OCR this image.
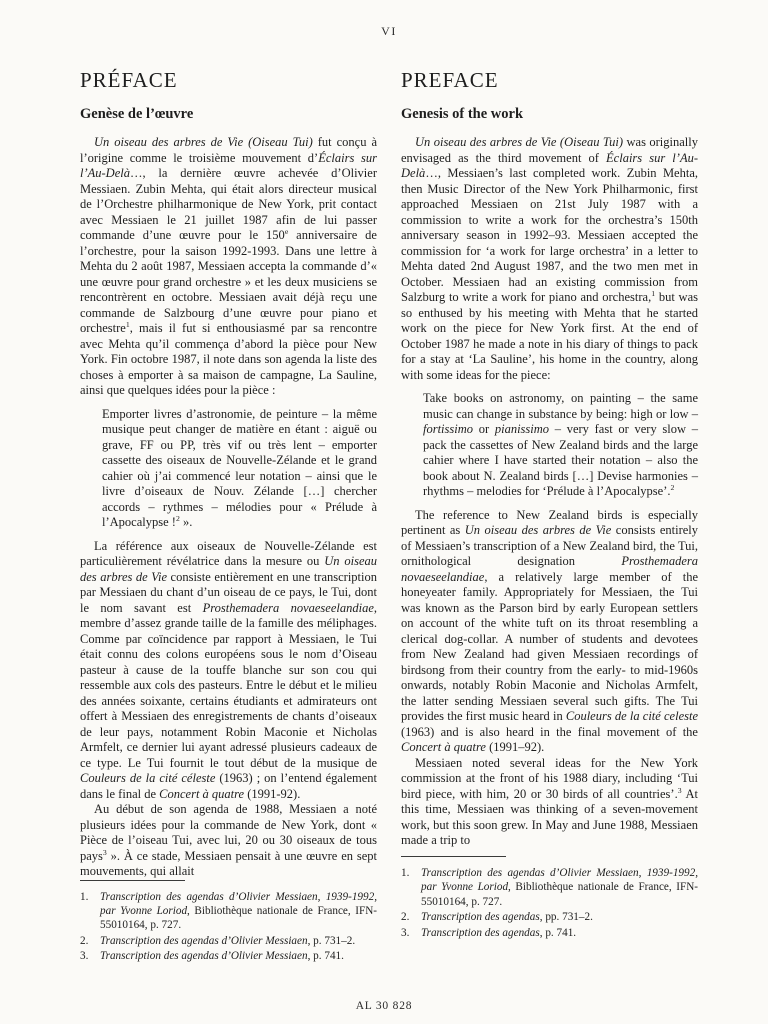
VI
PRÉFACE
Genèse de l’œuvre

Un oiseau des arbres de Vie (Oiseau Tui) fut conçu à l’origine comme le troisième mouvement d’Éclairs sur l’Au-Delà…, la dernière œuvre achevée d’Olivier Messiaen. Zubin Mehta, qui était alors directeur musical de l’Orchestre philharmonique de New York, prit contact avec Messiaen le 21 juillet 1987 afin de lui passer commande d’une œuvre pour le 150e anniversaire de l’orchestre, pour la saison 1992-1993. Dans une lettre à Mehta du 2 août 1987, Messiaen accepta la commande d’« une œuvre pour grand orchestre » et les deux musiciens se rencontrèrent en octobre. Messiaen avait déjà reçu une commande de Salzbourg d’une œuvre pour piano et orchestre$^1$, mais il fut si enthousiasmé par sa rencontre avec Mehta qu’il commença d’abord la pièce pour New York. Fin octobre 1987, il note dans son agenda la liste des choses à emporter à sa maison de campagne, La Sauline, ainsi que quelques idées pour la pièce :

Emporter livres d’astronomie, de peinture – la même musique peut changer de matière en étant : aiguë ou grave, FF ou PP, très vif ou très lent – emporter cassette des oiseaux de Nouvelle-Zélande et le grand cahier où j’ai commencé leur notation – ainsi que le livre d’oiseaux de Nouv. Zélande […] chercher accords – rythmes – mélodies pour « Prélude à l’Apocalypse !$^2$ ».

La référence aux oiseaux de Nouvelle-Zélande est particulièrement révélatrice dans la mesure ou Un oiseau des arbres de Vie consiste entièrement en une transcription par Messiaen du chant d’un oiseau de ce pays, le Tui, dont le nom savant est Prosthemadera novaeseelandiae, membre d’assez grande taille de la famille des méliphages. Comme par coïncidence par rapport à Messiaen, le Tui était connu des colons européens sous le nom d’Oiseau pasteur à cause de la touffe blanche sur son cou qui ressemble aux cols des pasteurs. Entre le début et le milieu des années soixante, certains étudiants et admirateurs ont offert à Messiaen des enregistrements de chants d’oiseaux de leur pays, notamment Robin Maconie et Nicholas Armfelt, ce dernier lui ayant adressé plusieurs cadeaux de ce type. Le Tui fournit le tout début de la musique de Couleurs de la cité céleste (1963) ; on l’entend également dans le final de Concert à quatre (1991-92).

Au début de son agenda de 1988, Messiaen a noté plusieurs idées pour la commande de New York, dont « Pièce de l’oiseau Tui, avec lui, 20 ou 30 oiseaux de tous pays$^3$ ». À ce stade, Messiaen pensait à une œuvre en sept mouvements, qui allait

1.	Transcription des agendas d’Olivier Messiaen, 1939-1992, par Yvonne Loriod, Bibliothèque nationale de France, IFN-55010164, p. 727.
2.	Transcription des agendas d’Olivier Messiaen, p. 731–2.
3.	Transcription des agendas d’Olivier Messiaen, p. 741.
PREFACE
Genesis of the work

Un oiseau des arbres de Vie (Oiseau Tui) was originally envisaged as the third movement of Éclairs sur l’Au-Delà…, Messiaen’s last completed work. Zubin Mehta, then Music Director of the New York Philharmonic, first approached Messiaen on 21st July 1987 with a commission to write a work for the orchestra’s 150th anniversary season in 1992–93. Messiaen accepted the commission for ‘a work for large orchestra’ in a letter to Mehta dated 2nd August 1987, and the two men met in October. Messiaen had an existing commission from Salzburg to write a work for piano and orchestra,$^1$ but was so enthused by his meeting with Mehta that he started work on the piece for New York first. At the end of October 1987 he made a note in his diary of things to pack for a stay at ‘La Sauline’, his home in the country, along with some ideas for the piece:

Take books on astronomy, on painting – the same music can change in substance by being: high or low – fortissimo or pianissimo – very fast or very slow – pack the cassettes of New Zealand birds and the large cahier where I have started their notation – also the book about N. Zealand birds […] Devise harmonies – rhythms – melodies for ‘Prélude à l’Apocalypse’.$^2$

The reference to New Zealand birds is especially pertinent as Un oiseau des arbres de Vie consists entirely of Messiaen’s transcription of a New Zealand bird, the Tui, ornithological designation Prosthemadera novaeseelandiae, a relatively large member of the honeyeater family. Appropriately for Messiaen, the Tui was known as the Parson bird by early European settlers on account of the white tuft on its throat resembling a clerical dog-collar. A number of students and devotees from New Zealand had given Messiaen recordings of birdsong from their country from the early- to mid-1960s onwards, notably Robin Maconie and Nicholas Armfelt, the latter sending Messiaen several such gifts. The Tui provides the first music heard in Couleurs de la cité celeste (1963) and is also heard in the final movement of the Concert à quatre (1991–92).

Messiaen noted several ideas for the New York commission at the front of his 1988 diary, including ‘Tui bird piece, with him, 20 or 30 birds of all countries’.$^3$ At this time, Messiaen was thinking of a seven-movement work, but this soon grew. In May and June 1988, Messiaen made a trip to

1.	Transcription des agendas d’Olivier Messiaen, 1939-1992, par Yvonne Loriod, Bibliothèque nationale de France, IFN-55010164, p. 727.
2.	Transcription des agendas, pp. 731–2.
3.	Transcription des agendas, p. 741.
AL 30 828
